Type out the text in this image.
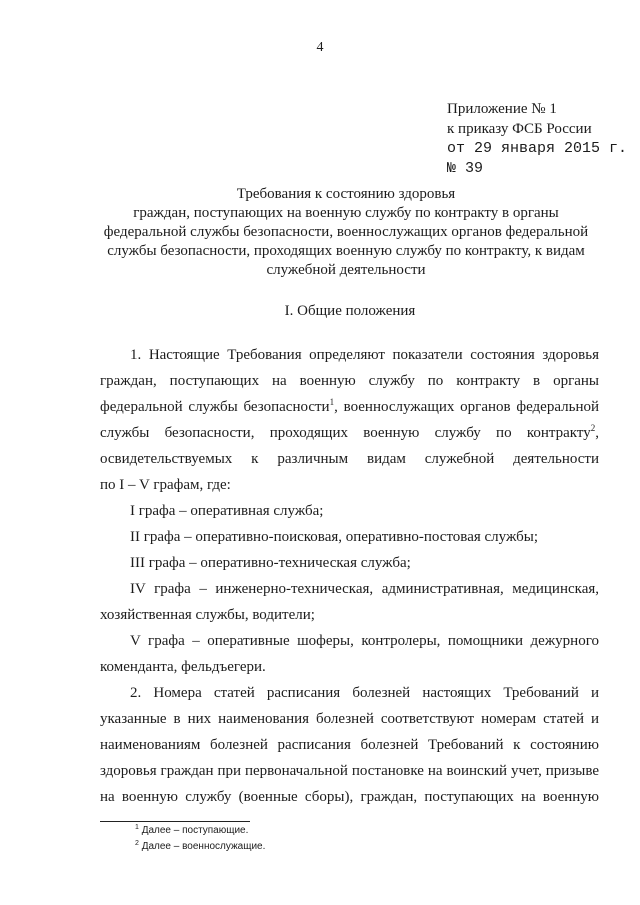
4
Приложение № 1
к приказу ФСБ России
от 29 января 2015 г.
№ 39
Требования к состоянию здоровья
граждан, поступающих на военную службу по контракту в органы
федеральной службы безопасности, военнослужащих органов федеральной
службы безопасности, проходящих военную службу по контракту, к видам
служебной деятельности
I. Общие положения
1. Настоящие Требования определяют показатели состояния здоровья
граждан, поступающих на военную службу по контракту в органы
федеральной службы безопасности$^1$, военнослужащих органов федеральной
службы безопасности, проходящих военную службу по контракту$^2$,
освидетельствуемых к различным видам служебной деятельности
по I – V графам, где:
I графа – оперативная служба;
II графа – оперативно-поисковая, оперативно-постовая службы;
III графа – оперативно-техническая служба;
IV графа – инженерно-техническая, административная, медицинская,
хозяйственная службы, водители;
V графа – оперативные шоферы, контролеры, помощники дежурного
коменданта, фельдъегери.
2. Номера статей расписания болезней настоящих Требований и
указанные в них наименования болезней соответствуют номерам статей и
наименованиям болезней расписания болезней Требований к состоянию
здоровья граждан при первоначальной постановке на воинский учет, призыве
на военную службу (военные сборы), граждан, поступающих на военную
$^1$ Далее – поступающие.
$^2$ Далее – военнослужащие.
